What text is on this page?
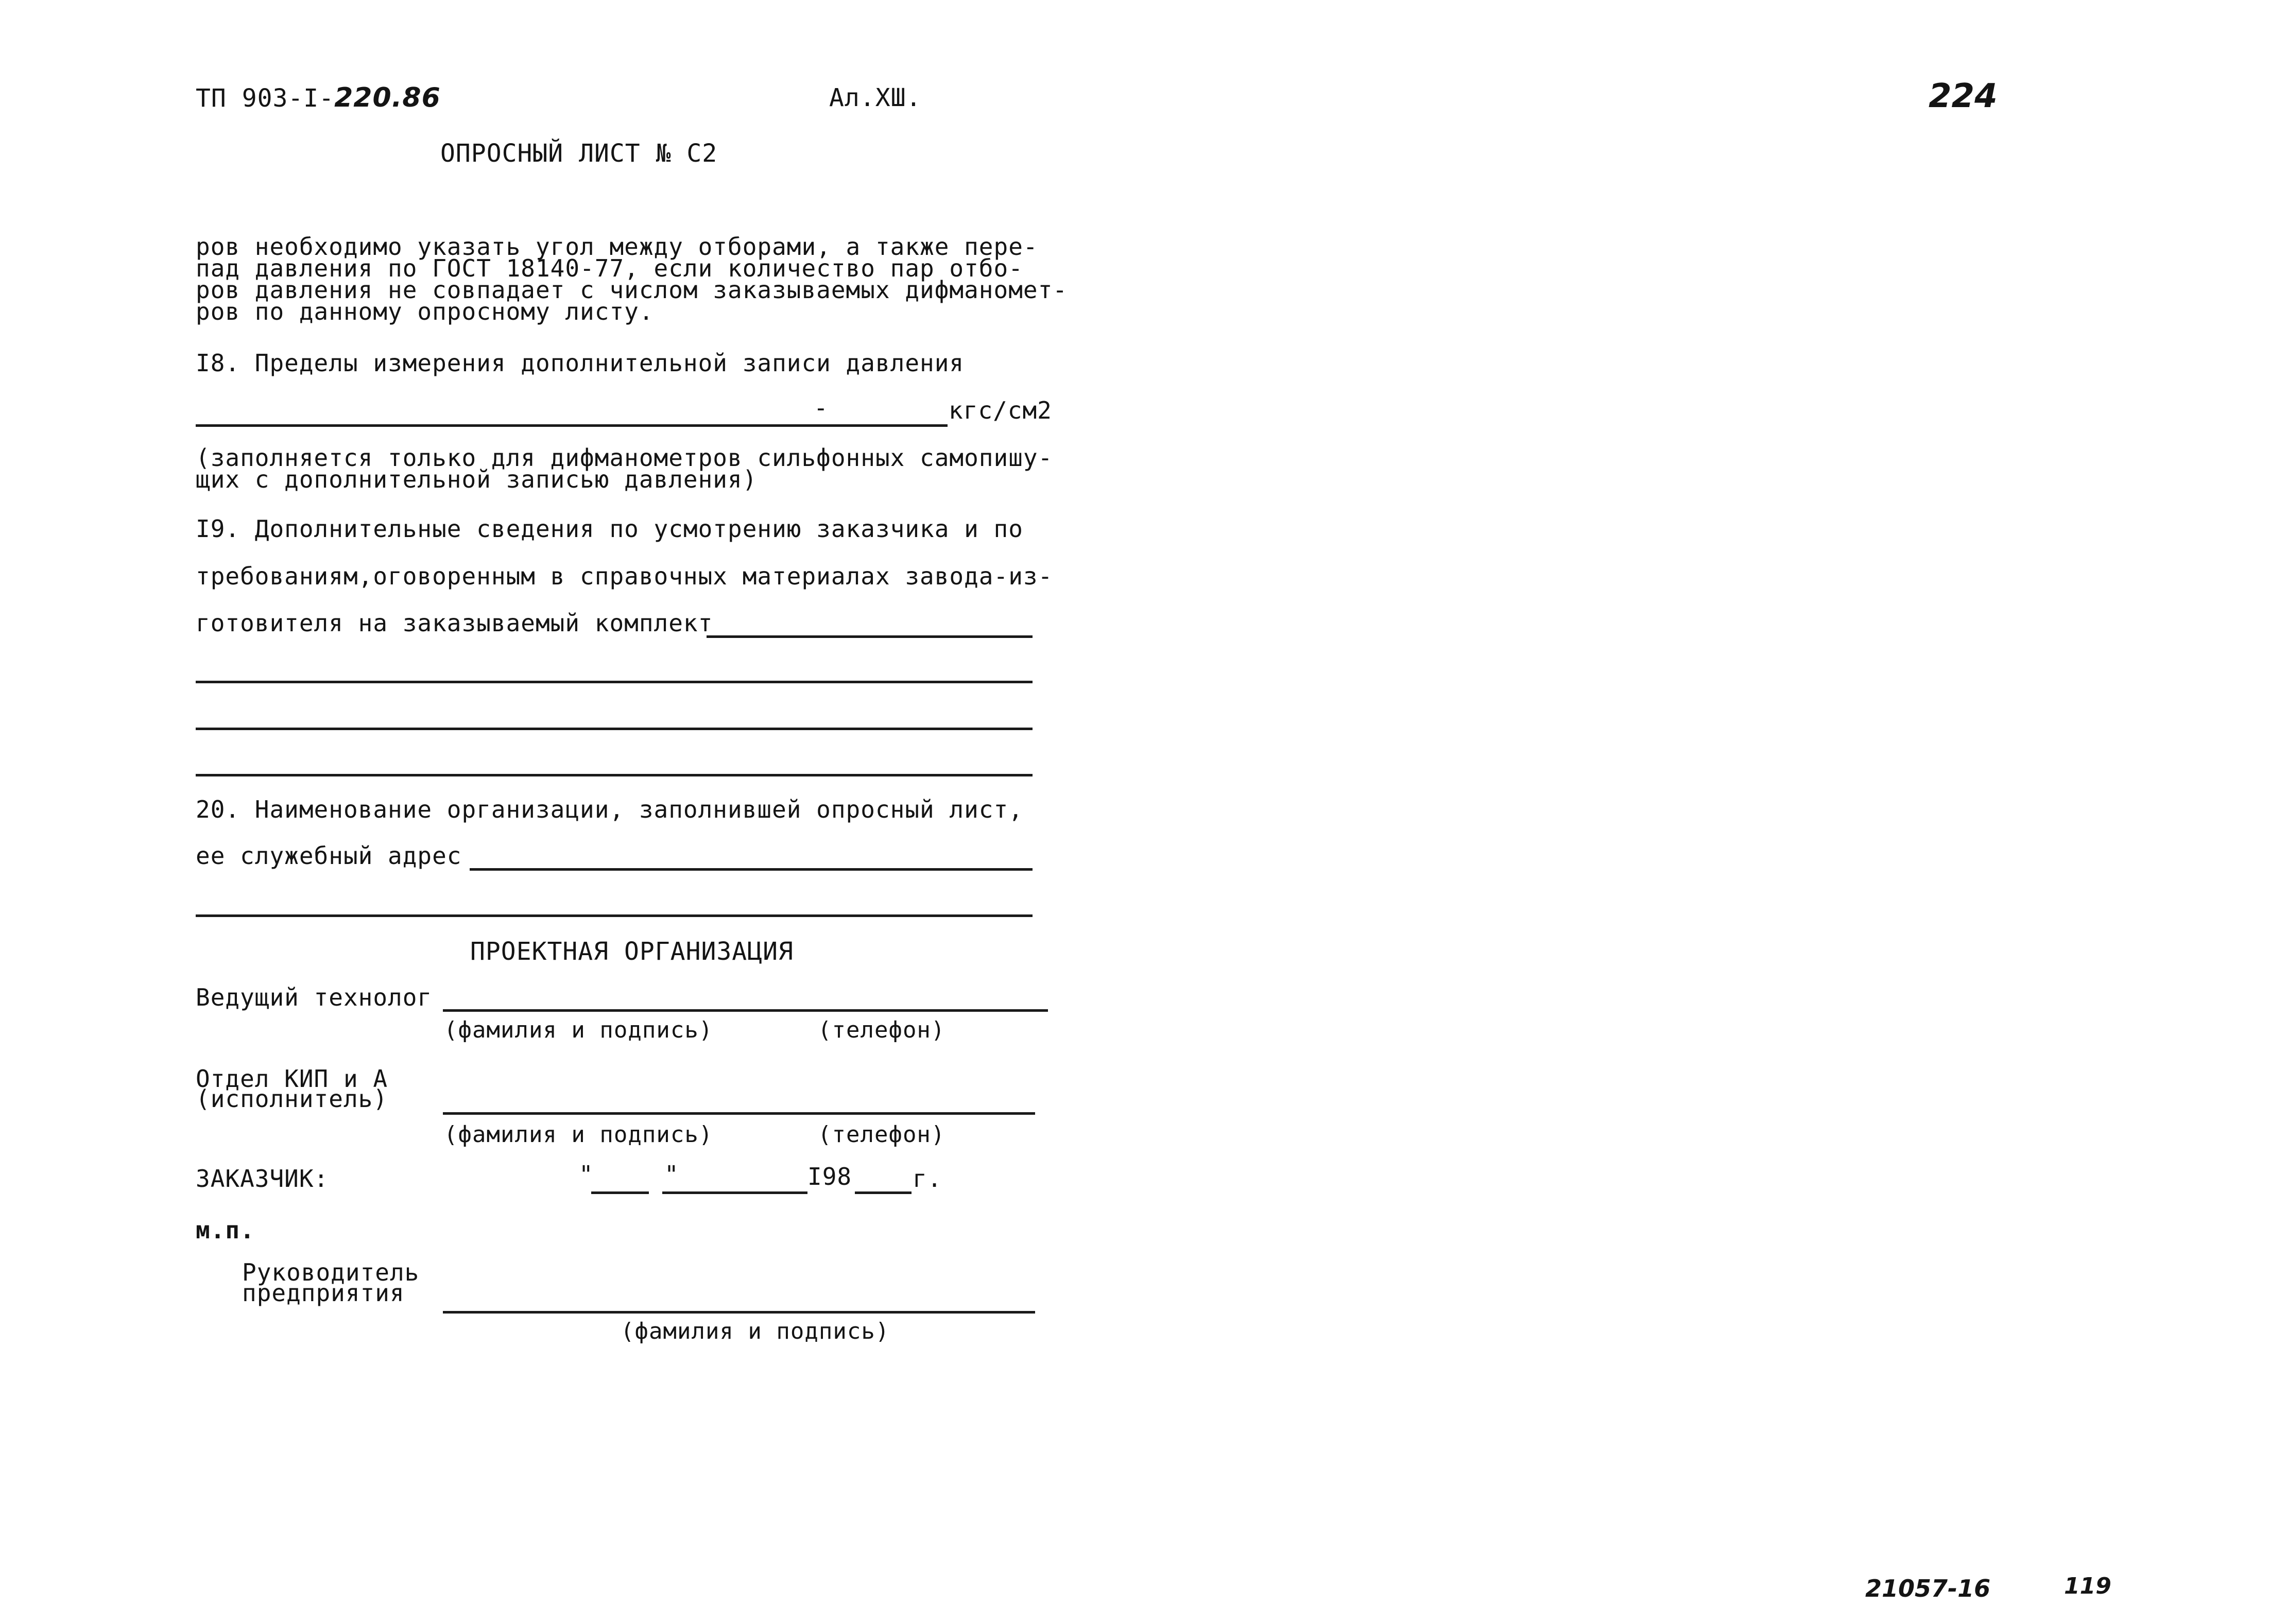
ТП 903-I-220.86	Ал.ХШ.	224
ОПРОСНЫЙ ЛИСТ № С2
ров необходимо указать угол между отборами, а также пере-
пад давления по ГОСТ 18140-77, если количество пар отбо-
ров давления не совпадает с числом заказываемых дифманомет-
ров по данному опросному листу.
I8. Пределы измерения дополнительной записи давления
-	кгс/см2
(заполняется только для дифманометров сильфонных самопишу-
щих с дополнительной записью давления)
I9. Дополнительные сведения по усмотрению заказчика и по
требованиям,оговоренным в справочных материалах завода-из-
готовителя на заказываемый комплект
20. Наименование организации, заполнившей опросный лист,
ее служебный адрес
ПРОЕКТНАЯ ОРГАНИЗАЦИЯ
Ведущий технолог
(фамилия и подпись)	(телефон)
Отдел КИП и А
(исполнитель)
(фамилия и подпись)	(телефон)
ЗАКАЗЧИК:	"	"	I98	г.
м.п.
Руководитель
предприятия
(фамилия и подпись)
21057-16	119
